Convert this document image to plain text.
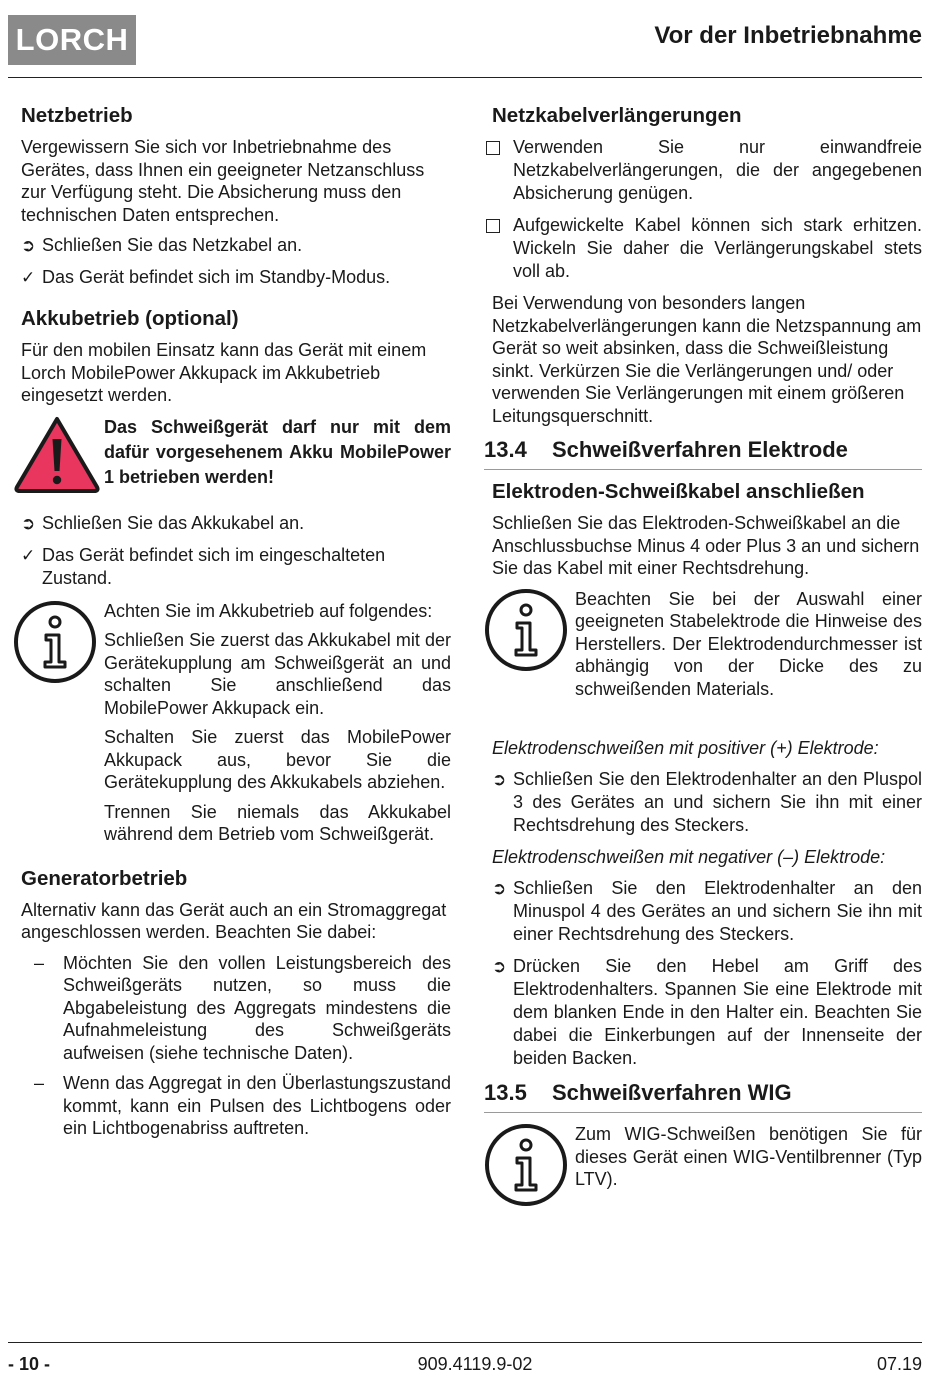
LORCH	Vor der Inbetriebnahme
Netzbetrieb
Vergewissern Sie sich vor Inbetriebnahme des Gerätes, dass Ihnen ein geeigneter Netzanschluss zur Verfügung steht. Die Absicherung muss den technischen Daten entsprechen.
➲ Schließen Sie das Netzkabel an.
✓ Das Gerät befindet sich im Standby-Modus.
Akkubetrieb (optional)
Für den mobilen Einsatz kann das Gerät mit einem Lorch MobilePower Akkupack im Akkubetrieb eingesetzt werden.

Das Schweißgerät darf nur mit dem dafür vorgesehenem Akku MobilePower 1 betrieben werden!

➲ Schließen Sie das Akkukabel an.
✓ Das Gerät befindet sich im eingeschalteten Zustand.
Achten Sie im Akkubetrieb auf folgendes:
Schließen Sie zuerst das Akkukabel mit der Gerätekupplung am Schweißgerät an und schalten Sie anschließend das MobilePower Akkupack ein.
Schalten Sie zuerst das MobilePower Akkupack aus, bevor Sie die Gerätekupplung des Akkukabels abziehen.
Trennen Sie niemals das Akkukabel während dem Betrieb vom Schweißgerät.
Generatorbetrieb
Alternativ kann das Gerät auch an ein Stromaggregat angeschlossen werden. Beachten Sie dabei:
– Möchten Sie den vollen Leistungsbereich des Schweißgeräts nutzen, so muss die Abgabeleistung des Aggregats mindestens die Aufnahmeleistung des Schweißgeräts aufweisen (siehe technische Daten).
– Wenn das Aggregat in den Überlastungszustand kommt, kann ein Pulsen des Lichtbogens oder ein Lichtbogenabriss auftreten.
Netzkabelverlängerungen
Verwenden Sie nur einwandfreie Netzkabelverlängerungen, die der angegebenen Absicherung genügen.
Aufgewickelte Kabel können sich stark erhitzen. Wickeln Sie daher die Verlängerungskabel stets voll ab.
Bei Verwendung von besonders langen Netzkabelverlängerungen kann die Netzspannung am Gerät so weit absinken, dass die Schweißleistung sinkt. Verkürzen Sie die Verlängerungen und/ oder verwenden Sie Verlängerungen mit einem größeren Leitungsquerschnitt.
13.4 Schweißverfahren Elektrode
Elektroden-Schweißkabel anschließen
Schließen Sie das Elektroden-Schweißkabel an die Anschlussbuchse Minus 4 oder Plus 3 an und sichern Sie das Kabel mit einer Rechtsdrehung.
Beachten Sie bei der Auswahl einer geeigneten Stabelektrode die Hinweise des Herstellers. Der Elektrodendurchmesser ist abhängig von der Dicke des zu schweißenden Materials.
Elektrodenschweißen mit positiver (+) Elektrode:
➲ Schließen Sie den Elektrodenhalter an den Pluspol 3 des Gerätes an und sichern Sie ihn mit einer Rechtsdrehung des Steckers.
Elektrodenschweißen mit negativer (–) Elektrode:
➲ Schließen Sie den Elektrodenhalter an den Minuspol 4 des Gerätes an und sichern Sie ihn mit einer Rechtsdrehung des Steckers.
➲ Drücken Sie den Hebel am Griff des Elektrodenhalters. Spannen Sie eine Elektrode mit dem blanken Ende in den Halter ein. Beachten Sie dabei die Einkerbungen auf der Innenseite der beiden Backen.
13.5 Schweißverfahren WIG
Zum WIG-Schweißen benötigen Sie für dieses Gerät einen WIG-Ventilbrenner (Typ LTV).
- 10 -	909.4119.9-02	07.19
